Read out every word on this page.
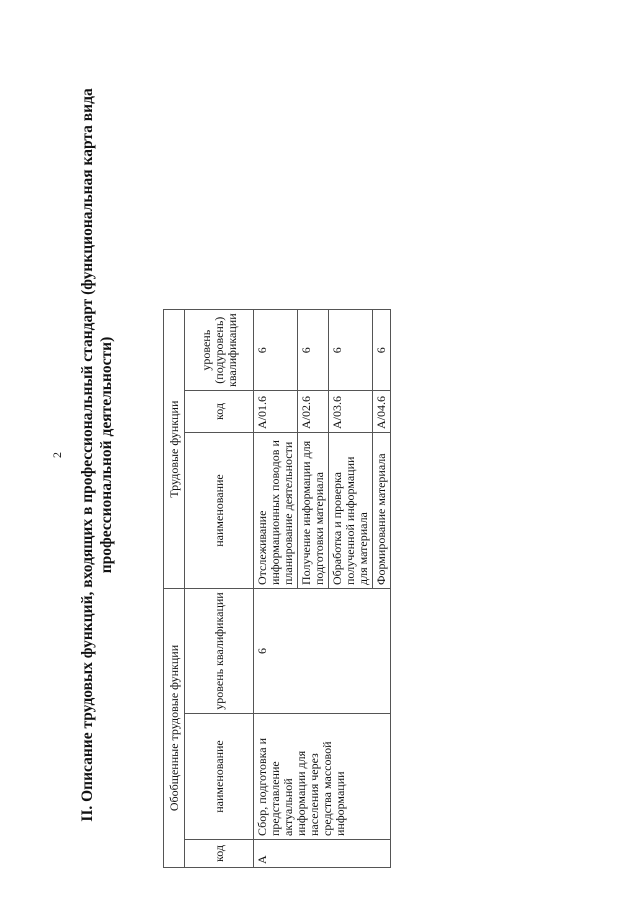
2 II. Описание трудовых функций, входящих в профессиональный стандарт (функциональная карта вида профессиональной деятельности)
Обобщенные трудовые функции			Трудовые функции		
код	наименование	уровень квалификации	наименование	код	уровень (подуровень) квалификации
А	Сбор, подготовка и представление актуальной информации для населения через средства массовой информации	6	Отслеживание информационных поводов и планирование деятельности	A/01.6	6
			Получение информации для подготовки материала	A/02.6	6
			Обработка и проверка полученной информации для материала	A/03.6	6
			Формирование материала	A/04.6	6
